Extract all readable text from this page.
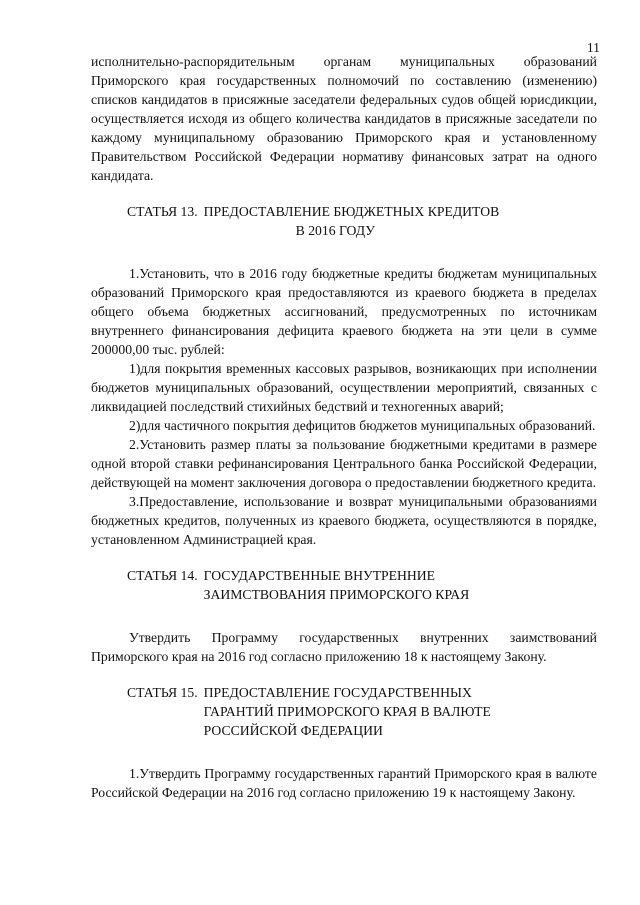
11

исполнительно-распорядительным органам муниципальных образований Приморского края государственных полномочий по составлению (изменению) списков кандидатов в присяжные заседатели федеральных судов общей юрисдикции, осуществляется исходя из общего количества кандидатов в присяжные заседатели по каждому муниципальному образованию Приморского края и установленному Правительством Российской Федерации нормативу финансовых затрат на одного кандидата.

СТАТЬЯ 13. ПРЕДОСТАВЛЕНИЕ БЮДЖЕТНЫХ КРЕДИТОВ
В 2016 ГОДУ

1.Установить, что в 2016 году бюджетные кредиты бюджетам муниципальных образований Приморского края предоставляются из краевого бюджета в пределах общего объема бюджетных ассигнований, предусмотренных по источникам внутреннего финансирования дефицита краевого бюджета на эти цели в сумме 200000,00 тыс. рублей:

1)для покрытия временных кассовых разрывов, возникающих при исполнении бюджетов муниципальных образований, осуществлении мероприятий, связанных с ликвидацией последствий стихийных бедствий и техногенных аварий;

2)для частичного покрытия дефицитов бюджетов муниципальных образований.

2.Установить размер платы за пользование бюджетными кредитами в размере одной второй ставки рефинансирования Центрального банка Российской Федерации, действующей на момент заключения договора о предоставлении бюджетного кредита.

3.Предоставление, использование и возврат муниципальными образованиями бюджетных кредитов, полученных из краевого бюджета, осуществляются в порядке, установленном Администрацией края.

СТАТЬЯ 14. ГОСУДАРСТВЕННЫЕ ВНУТРЕННИЕ ЗАИМСТВОВАНИЯ ПРИМОРСКОГО КРАЯ

Утвердить Программу государственных внутренних заимствований Приморского края на 2016 год согласно приложению 18 к настоящему Закону.

СТАТЬЯ 15. ПРЕДОСТАВЛЕНИЕ ГОСУДАРСТВЕННЫХ ГАРАНТИЙ ПРИМОРСКОГО КРАЯ В ВАЛЮТЕ РОССИЙСКОЙ ФЕДЕРАЦИИ

1.Утвердить Программу государственных гарантий Приморского края в валюте Российской Федерации на 2016 год согласно приложению 19 к настоящему Закону.
